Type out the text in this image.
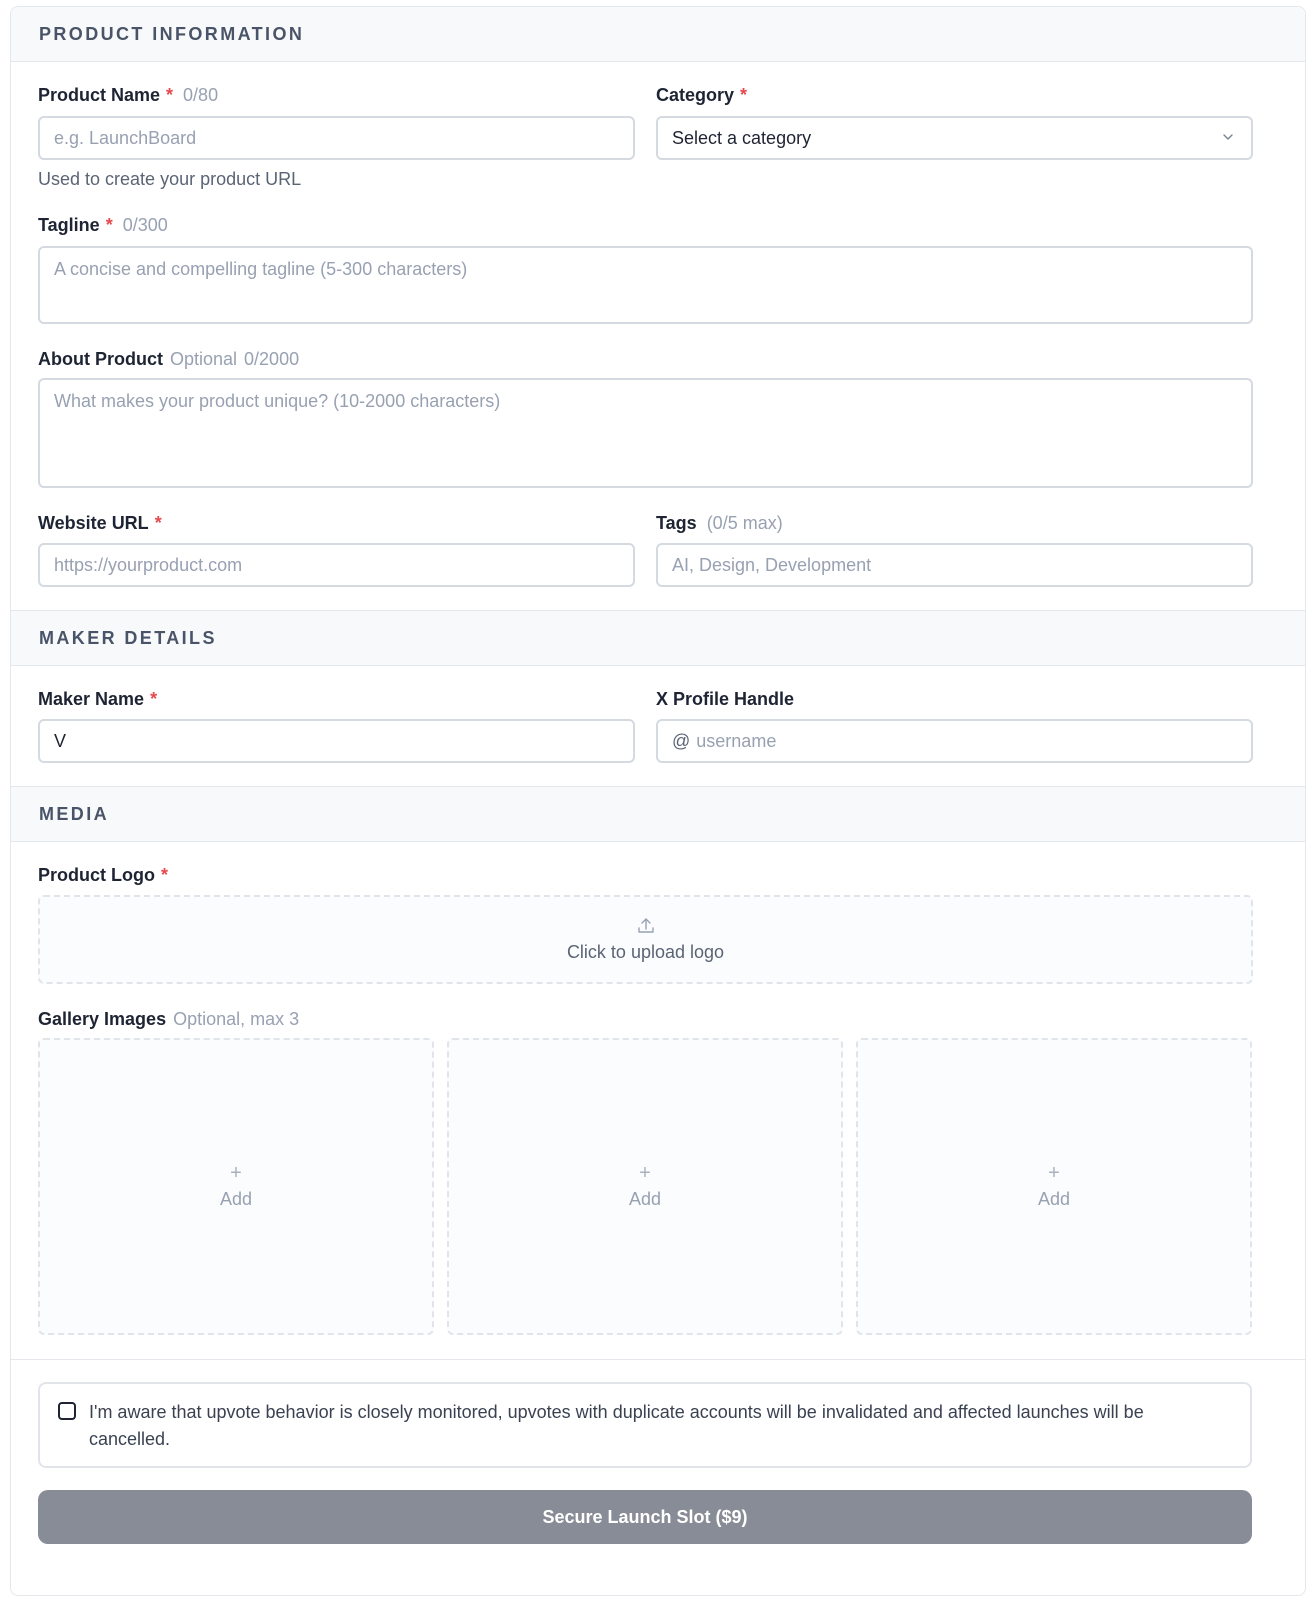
PRODUCT INFORMATION
Product Name * 0/80
e.g. LaunchBoard
Used to create your product URL
Category *
Select a category
Tagline * 0/300
A concise and compelling tagline (5-300 characters)
About Product Optional 0/2000
What makes your product unique? (10-2000 characters)
Website URL *
https://yourproduct.com
Tags (0/5 max)
AI, Design, Development
MAKER DETAILS
Maker Name *
V
X Profile Handle
@ username
MEDIA
Product Logo *
Click to upload logo
Gallery Images Optional, max 3
+
Add
+
Add
+
Add
I'm aware that upvote behavior is closely monitored, upvotes with duplicate accounts will be invalidated and affected launches will be cancelled.
Secure Launch Slot ($9)
